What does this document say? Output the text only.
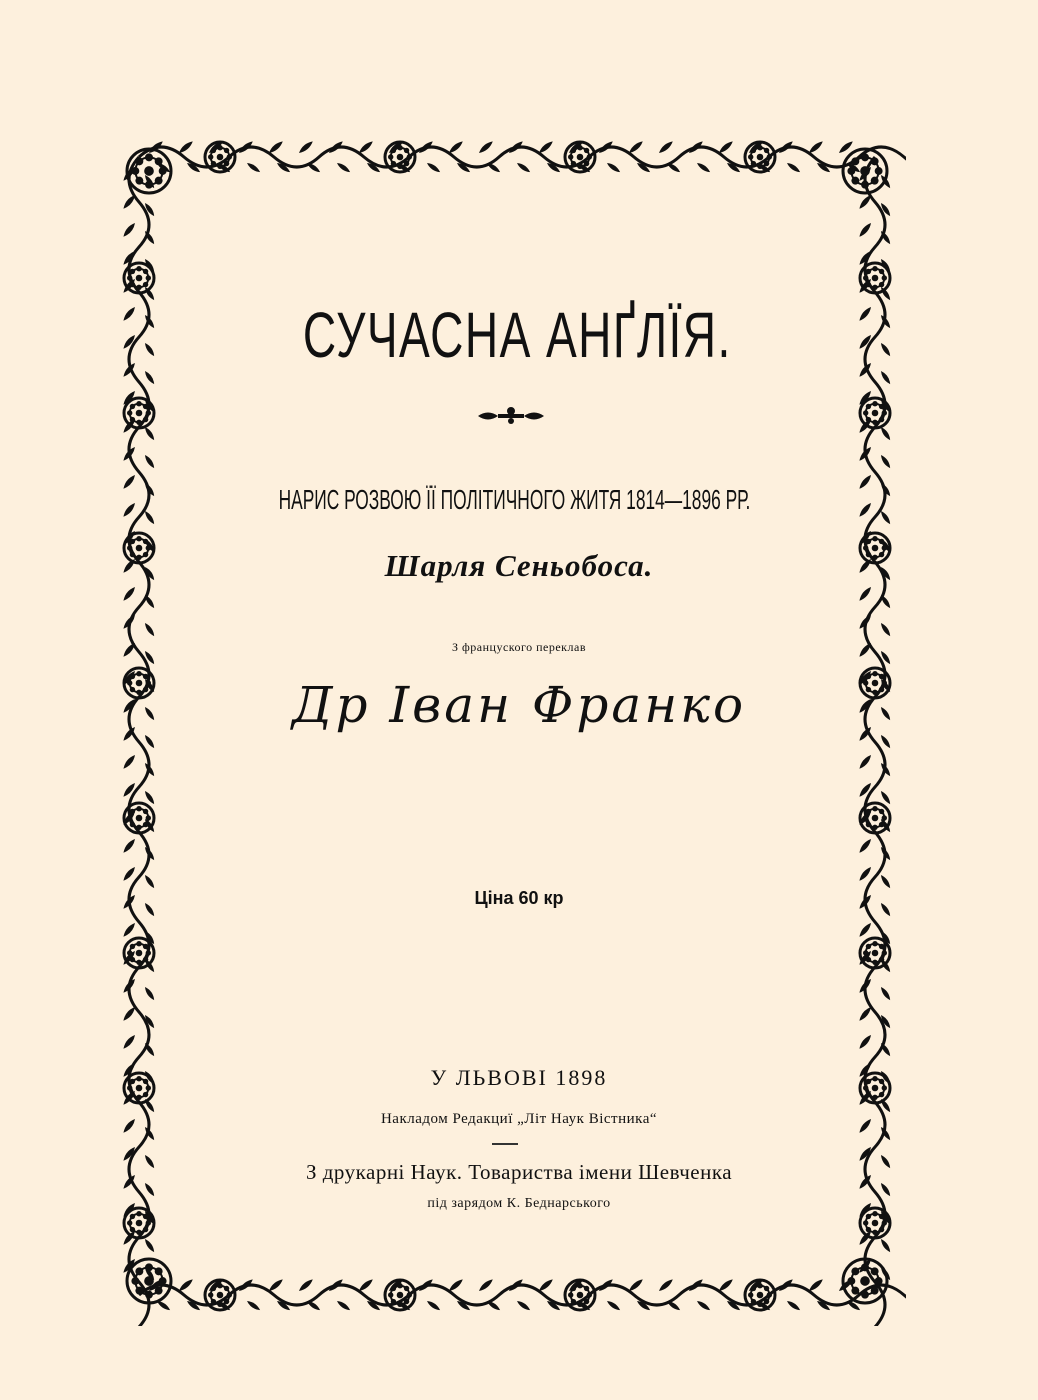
СУЧАСНА АНҐЛЇЯ.
НАРИС РОЗВОЮ ЇЇ ПОЛІТИЧНОГО ЖИТЯ 1814—1896 РР.
Шарля Сеньобоса.
З француского переклав
Др Іван Франко
Ціна 60 кр
У ЛЬВОВІ 1898
Накладом Редакциї „Літ Наук Вістника“
З друкарні Наук. Товариства імени Шевченка
під зарядом К. Беднарського
